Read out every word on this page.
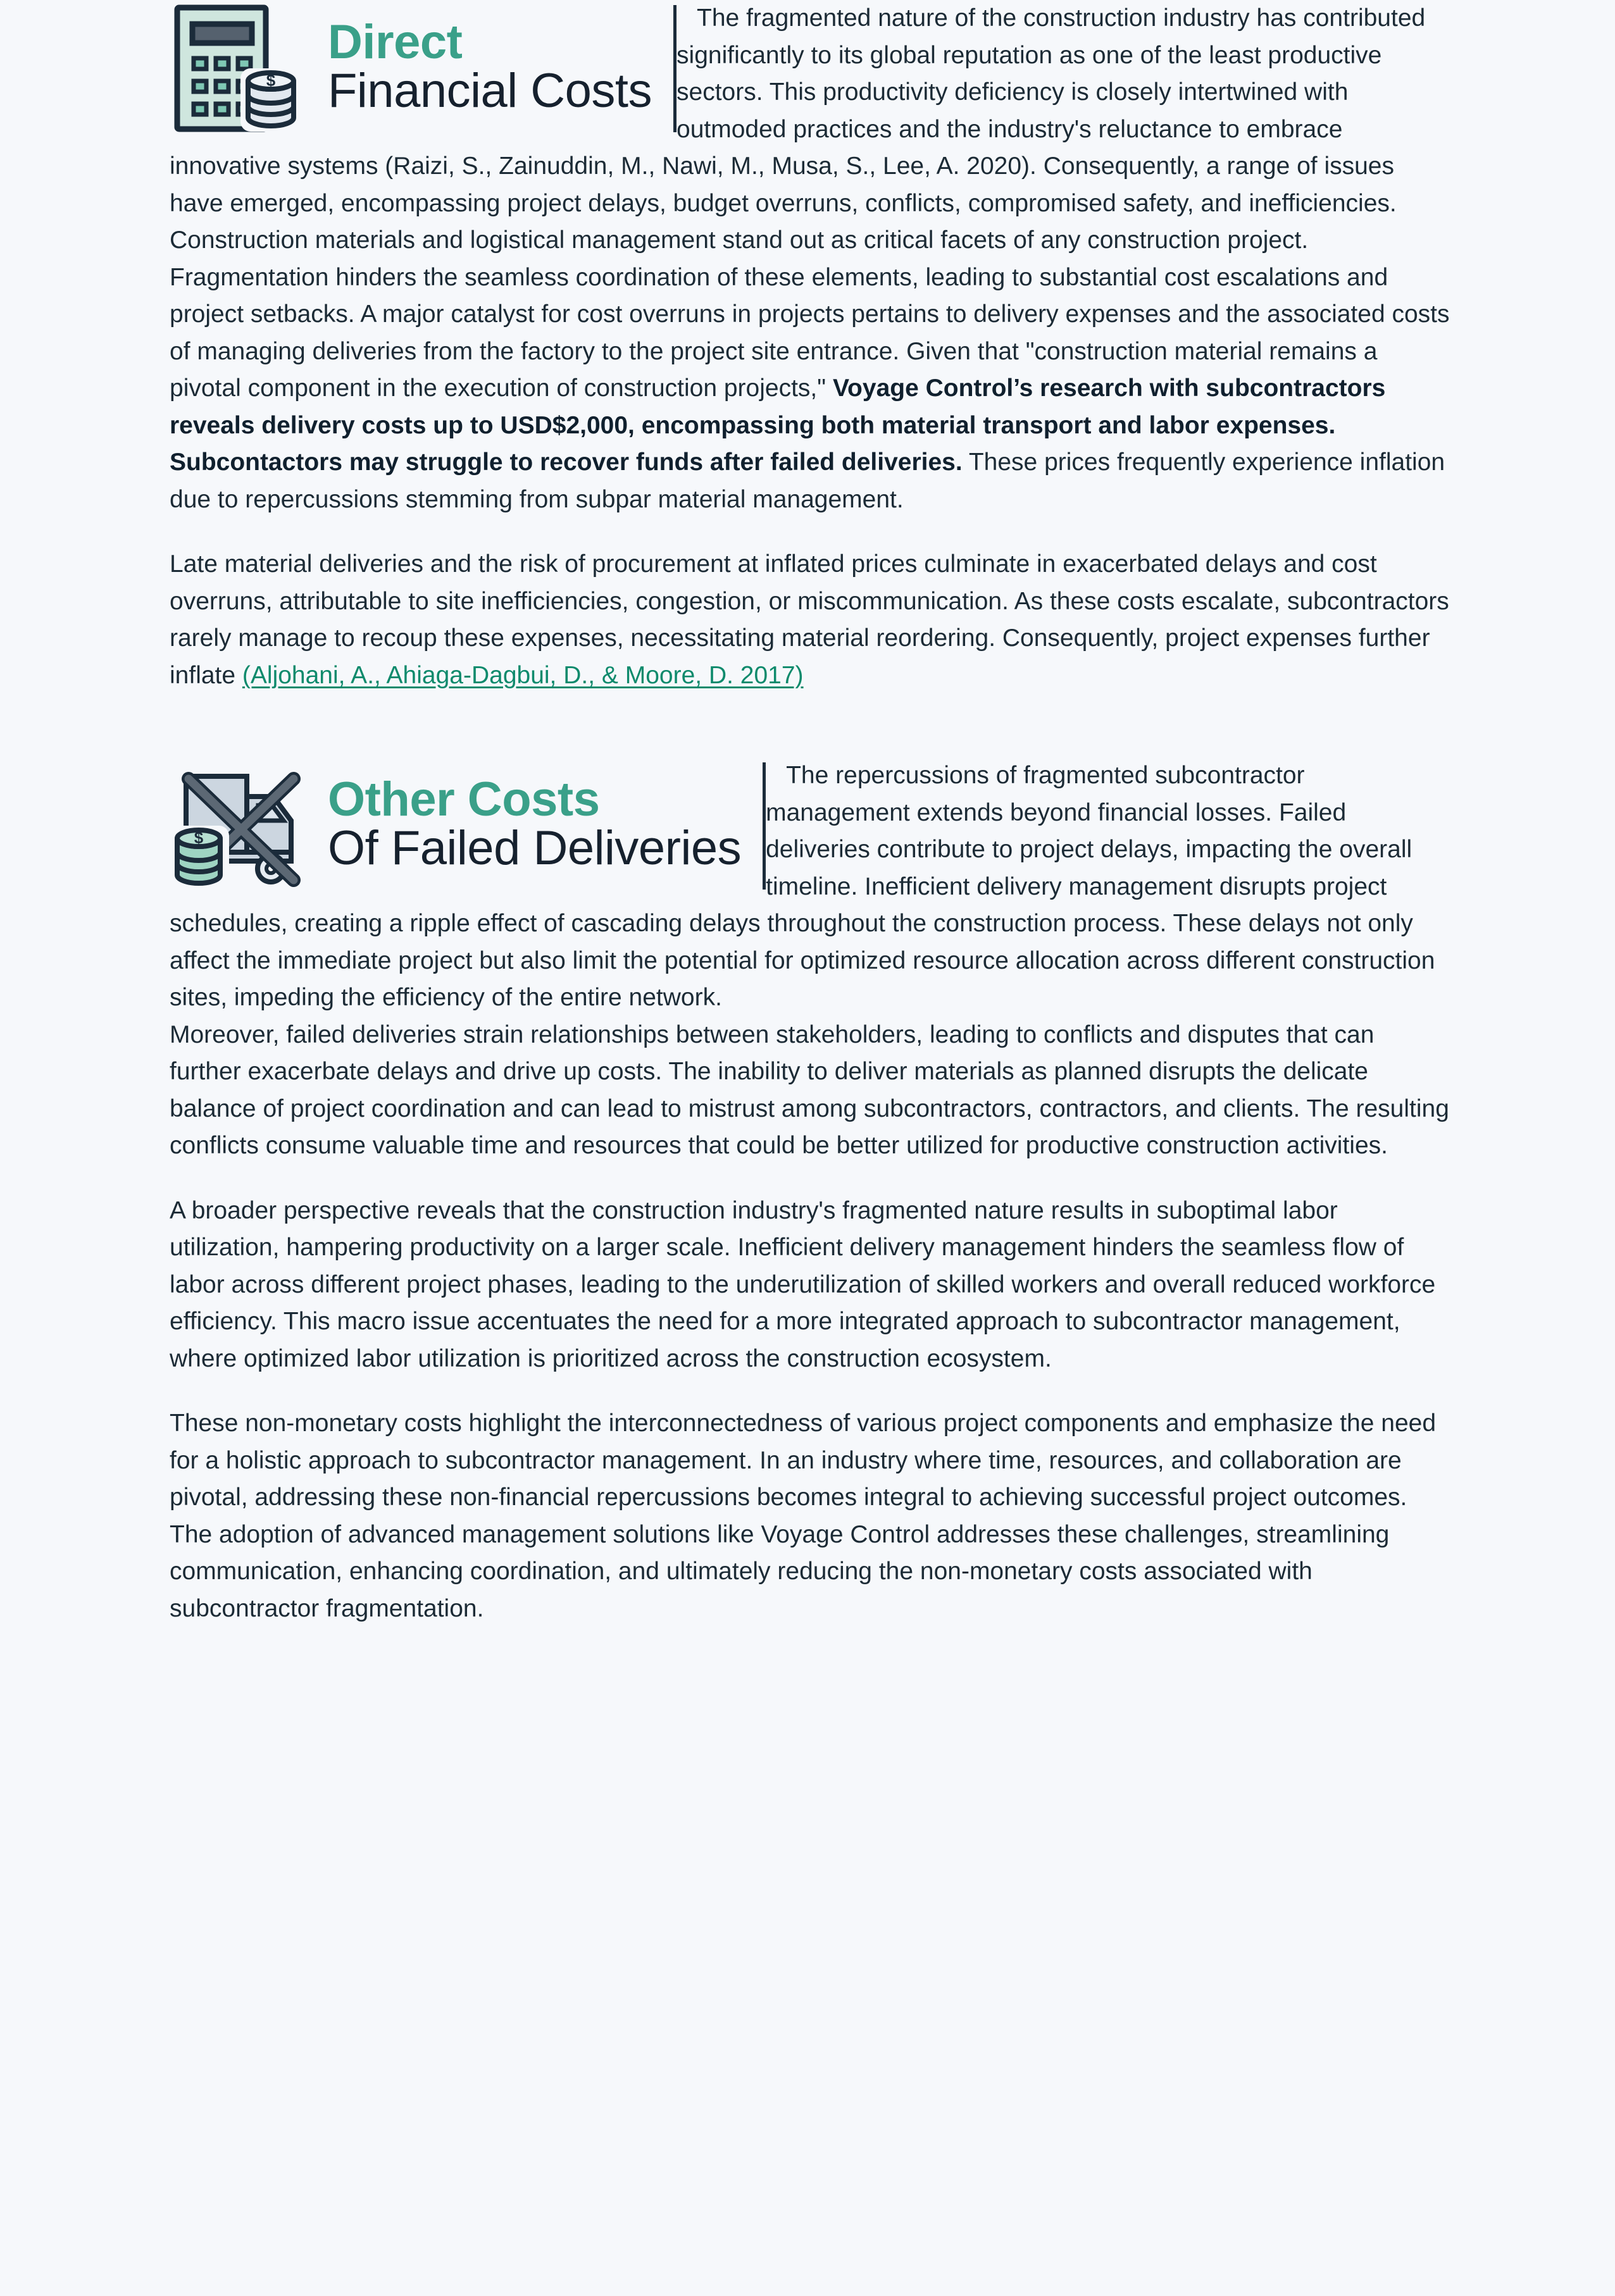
$
Direct
Financial Costs

The fragmented nature of the construction industry has contributed significantly to its global reputation as one of the least productive sectors. This productivity deficiency is closely intertwined with outmoded practices and the industry's reluctance to embrace innovative systems (Raizi, S., Zainuddin, M., Nawi, M., Musa, S., Lee, A. 2020). Consequently, a range of issues have emerged, encompassing project delays, budget overruns, conflicts, compromised safety, and inefficiencies.

Construction materials and logistical management stand out as critical facets of any construction project. Fragmentation hinders the seamless coordination of these elements, leading to substantial cost escalations and project setbacks. A major catalyst for cost overruns in projects pertains to delivery expenses and the associated costs of managing deliveries from the factory to the project site entrance. Given that "construction material remains a pivotal component in the execution of construction projects," Voyage Control’s research with subcontractors reveals delivery costs up to USD$2,000, encompassing both material transport and labor expenses. Subcontactors may struggle to recover funds after failed deliveries. These prices frequently experience inflation due to repercussions stemming from subpar material management.

Late material deliveries and the risk of procurement at inflated prices culminate in exacerbated delays and cost overruns, attributable to site inefficiencies, congestion, or miscommunication. As these costs escalate, subcontractors rarely manage to recoup these expenses, necessitating material reordering. Consequently, project expenses further inflate (Aljohani, A., Ahiaga-Dagbui, D., & Moore, D. 2017)

$
Other Costs
Of Failed Deliveries

The repercussions of fragmented subcontractor management extends beyond financial losses. Failed deliveries contribute to project delays, impacting the overall timeline. Inefficient delivery management disrupts project schedules, creating a ripple effect of cascading delays throughout the construction process. These delays not only affect the immediate project but also limit the potential for optimized resource allocation across different construction sites, impeding the efficiency of the entire network.

Moreover, failed deliveries strain relationships between stakeholders, leading to conflicts and disputes that can further exacerbate delays and drive up costs. The inability to deliver materials as planned disrupts the delicate balance of project coordination and can lead to mistrust among subcontractors, contractors, and clients. The resulting conflicts consume valuable time and resources that could be better utilized for productive construction activities.

A broader perspective reveals that the construction industry's fragmented nature results in suboptimal labor utilization, hampering productivity on a larger scale. Inefficient delivery management hinders the seamless flow of labor across different project phases, leading to the underutilization of skilled workers and overall reduced workforce efficiency. This macro issue accentuates the need for a more integrated approach to subcontractor management, where optimized labor utilization is prioritized across the construction ecosystem.

These non-monetary costs highlight the interconnectedness of various project components and emphasize the need for a holistic approach to subcontractor management. In an industry where time, resources, and collaboration are pivotal, addressing these non-financial repercussions becomes integral to achieving successful project outcomes. The adoption of advanced management solutions like Voyage Control addresses these challenges, streamlining communication, enhancing coordination, and ultimately reducing the non-monetary costs associated with subcontractor fragmentation.
